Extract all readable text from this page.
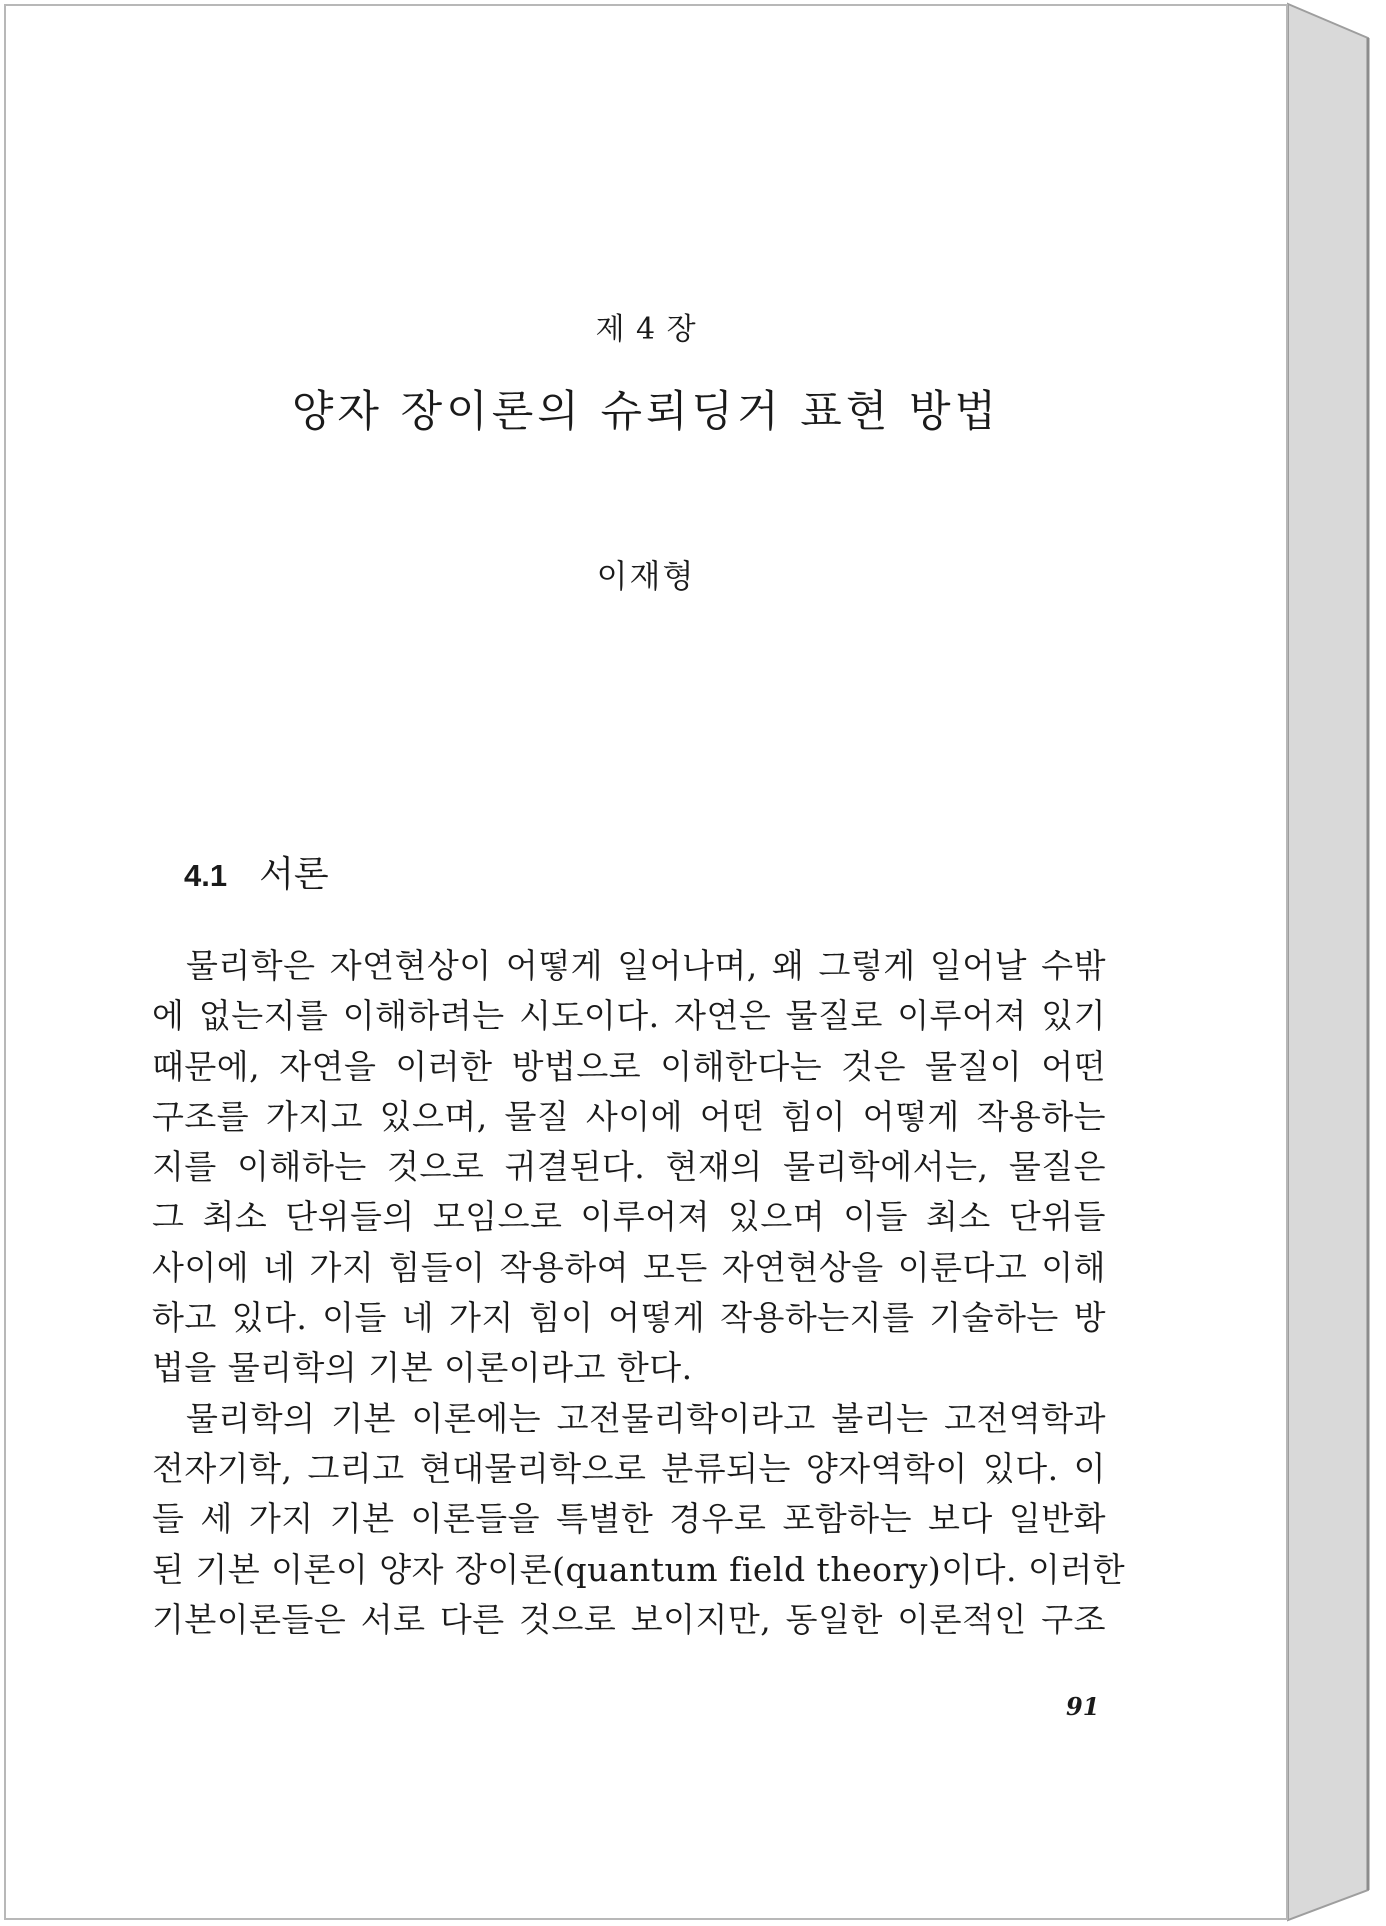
제 4 장
양자 장이론의 슈뢰딩거 표현 방법
이재형
4.1 서론
물리학은 자연현상이 어떻게 일어나며, 왜 그렇게 일어날 수밖
에 없는지를 이해하려는 시도이다. 자연은 물질로 이루어져 있기
때문에, 자연을 이러한 방법으로 이해한다는 것은 물질이 어떤
구조를 가지고 있으며, 물질 사이에 어떤 힘이 어떻게 작용하는
지를 이해하는 것으로 귀결된다. 현재의 물리학에서는, 물질은
그 최소 단위들의 모임으로 이루어져 있으며 이들 최소 단위들
사이에 네 가지 힘들이 작용하여 모든 자연현상을 이룬다고 이해
하고 있다. 이들 네 가지 힘이 어떻게 작용하는지를 기술하는 방
법을 물리학의 기본 이론이라고 한다.
물리학의 기본 이론에는 고전물리학이라고 불리는 고전역학과
전자기학, 그리고 현대물리학으로 분류되는 양자역학이 있다. 이
들 세 가지 기본 이론들을 특별한 경우로 포함하는 보다 일반화
된 기본 이론이 양자 장이론(quantum field theory)이다. 이러한
기본이론들은 서로 다른 것으로 보이지만, 동일한 이론적인 구조
91
